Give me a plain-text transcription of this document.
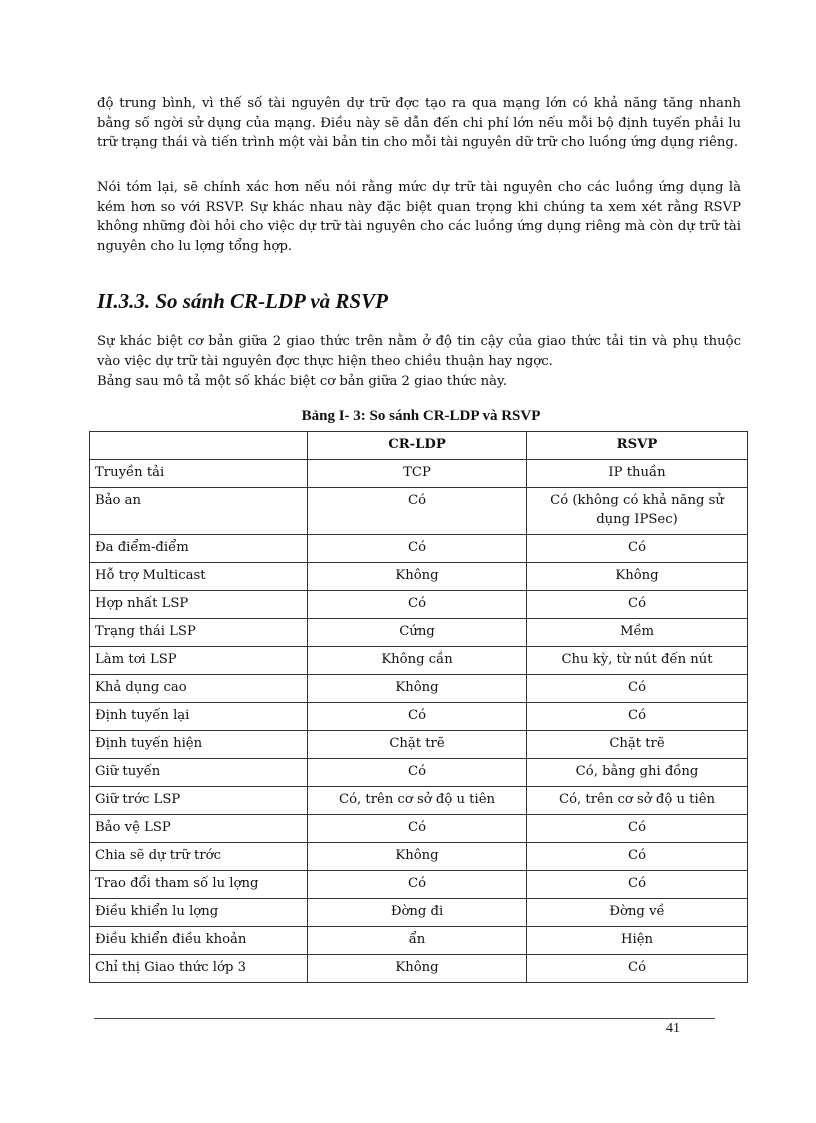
độ trung bình, vì thế số tài nguyên dự trữ đợc tạo ra qua mạng lớn có khả năng tăng nhanh bằng số ngời sử dụng của mạng. Điều này sẽ dẫn đến chi phí lớn nếu mỗi bộ định tuyến phải lu trữ trạng thái và tiến trình một vài bản tin cho mỗi tài nguyên dữ trữ cho luồng ứng dụng riêng.

Nói tóm lại, sẽ chính xác hơn nếu nói rằng mức dự trữ tài nguyên cho các luồng ứng dụng là kém hơn so với RSVP. Sự khác nhau này đặc biệt quan trọng khi chúng ta xem xét rằng RSVP không những đòi hỏi cho việc dự trữ tài nguyên cho các luồng ứng dụng riêng mà còn dự trữ tài nguyên cho lu lợng tổng hợp.

II.3.3. So sánh CR-LDP và RSVP

Sự khác biệt cơ bản giữa 2 giao thức trên nằm ở độ tin cậy của giao thức tải tin và phụ thuộc vào việc dự trữ tài nguyên đợc thực hiện theo chiều thuận hay ngợc.

Bảng sau mô tả một số khác biệt cơ bản giữa 2 giao thức này.

Bảng I- 3: So sánh CR-LDP và RSVP

	CR-LDP	RSVP
Truyền tải	TCP	IP thuần
Bảo an	Có	Có (không có khả năng sử dụng IPSec)
Đa điểm-điểm	Có	Có
Hỗ trợ Multicast	Không	Không
Hợp nhất LSP	Có	Có
Trạng thái LSP	Cứng	Mềm
Làm tơi LSP	Không cần	Chu kỳ, từ nút đến nút
Khả dụng cao	Không	Có
Định tuyến lại	Có	Có
Định tuyến hiện	Chặt trẽ	Chặt trẽ
Giữ tuyến	Có	Có, bằng ghi đồng
Giữ trớc LSP	Có, trên cơ sở độ u tiên	Có, trên cơ sở độ u tiên
Bảo vệ LSP	Có	Có
Chia sẽ dự trữ trớc	Không	Có
Trao đổi tham số lu lợng	Có	Có
Điều khiển lu lợng	Đờng đi	Đờng về
Điều khiển điều khoản	ẩn	Hiện
Chỉ thị Giao thức lớp 3	Không	Có
41
